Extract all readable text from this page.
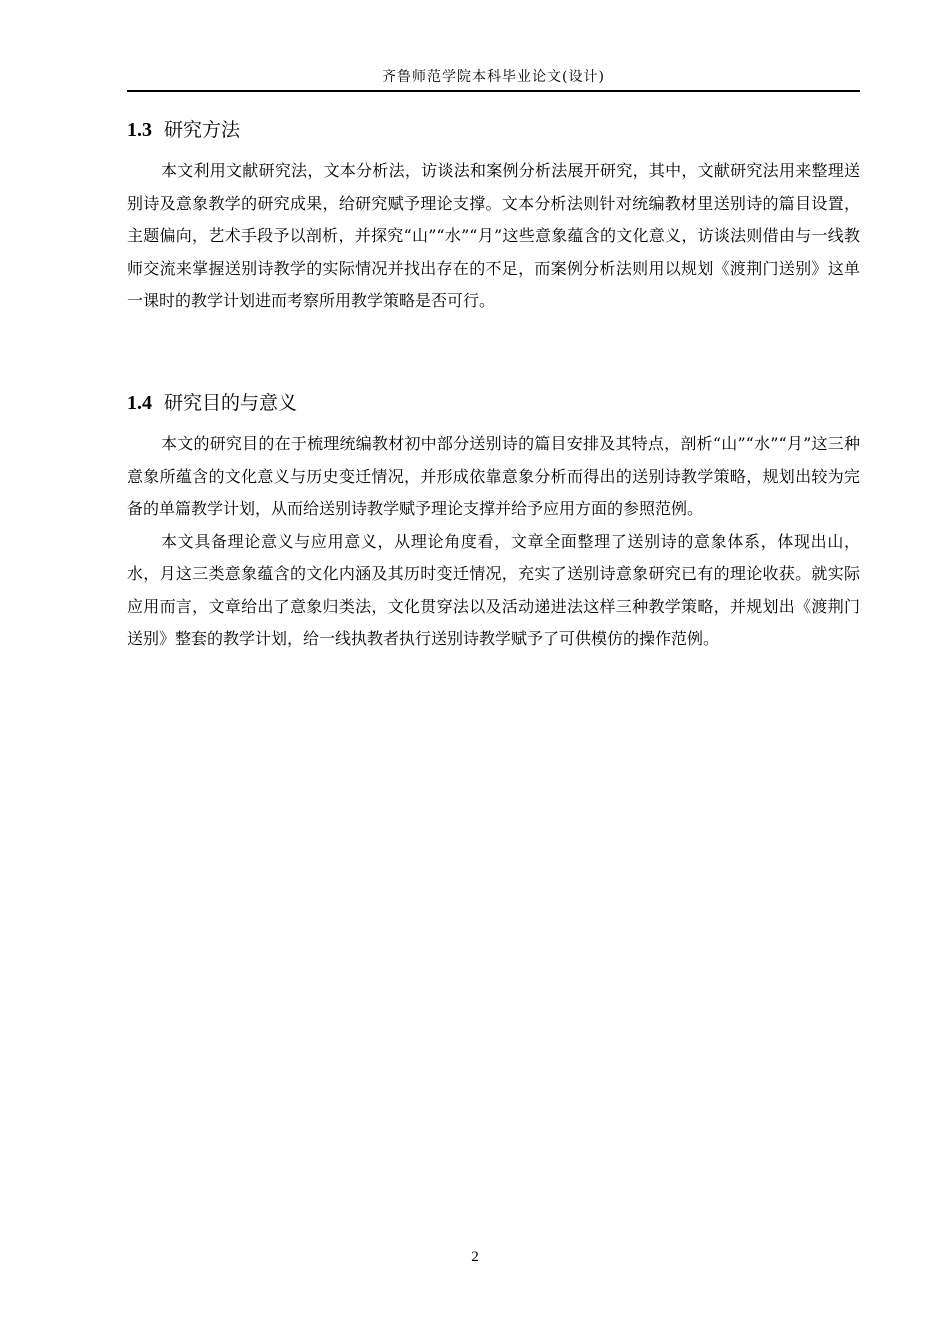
齐鲁师范学院本科毕业论文(设计)
1.3 研究方法

本文利用文献研究法，文本分析法，访谈法和案例分析法展开研究，其中，文献研究法用来整理送别诗及意象教学的研究成果，给研究赋予理论支撑。文本分析法则针对统编教材里送别诗的篇目设置，主题偏向，艺术手段予以剖析，并探究“山”“水”“月”这些意象蕴含的文化意义，访谈法则借由与一线教师交流来掌握送别诗教学的实际情况并找出存在的不足，而案例分析法则用以规划《渡荆门送别》这单一课时的教学计划进而考察所用教学策略是否可行。

1.4 研究目的与意义

本文的研究目的在于梳理统编教材初中部分送别诗的篇目安排及其特点，剖析“山”“水”“月”这三种意象所蕴含的文化意义与历史变迁情况，并形成依靠意象分析而得出的送别诗教学策略，规划出较为完备的单篇教学计划，从而给送别诗教学赋予理论支撑并给予应用方面的参照范例。

本文具备理论意义与应用意义，从理论角度看，文章全面整理了送别诗的意象体系，体现出山，水，月这三类意象蕴含的文化内涵及其历时变迁情况，充实了送别诗意象研究已有的理论收获。就实际应用而言，文章给出了意象归类法，文化贯穿法以及活动递进法这样三种教学策略，并规划出《渡荆门送别》整套的教学计划，给一线执教者执行送别诗教学赋予了可供模仿的操作范例。

2
